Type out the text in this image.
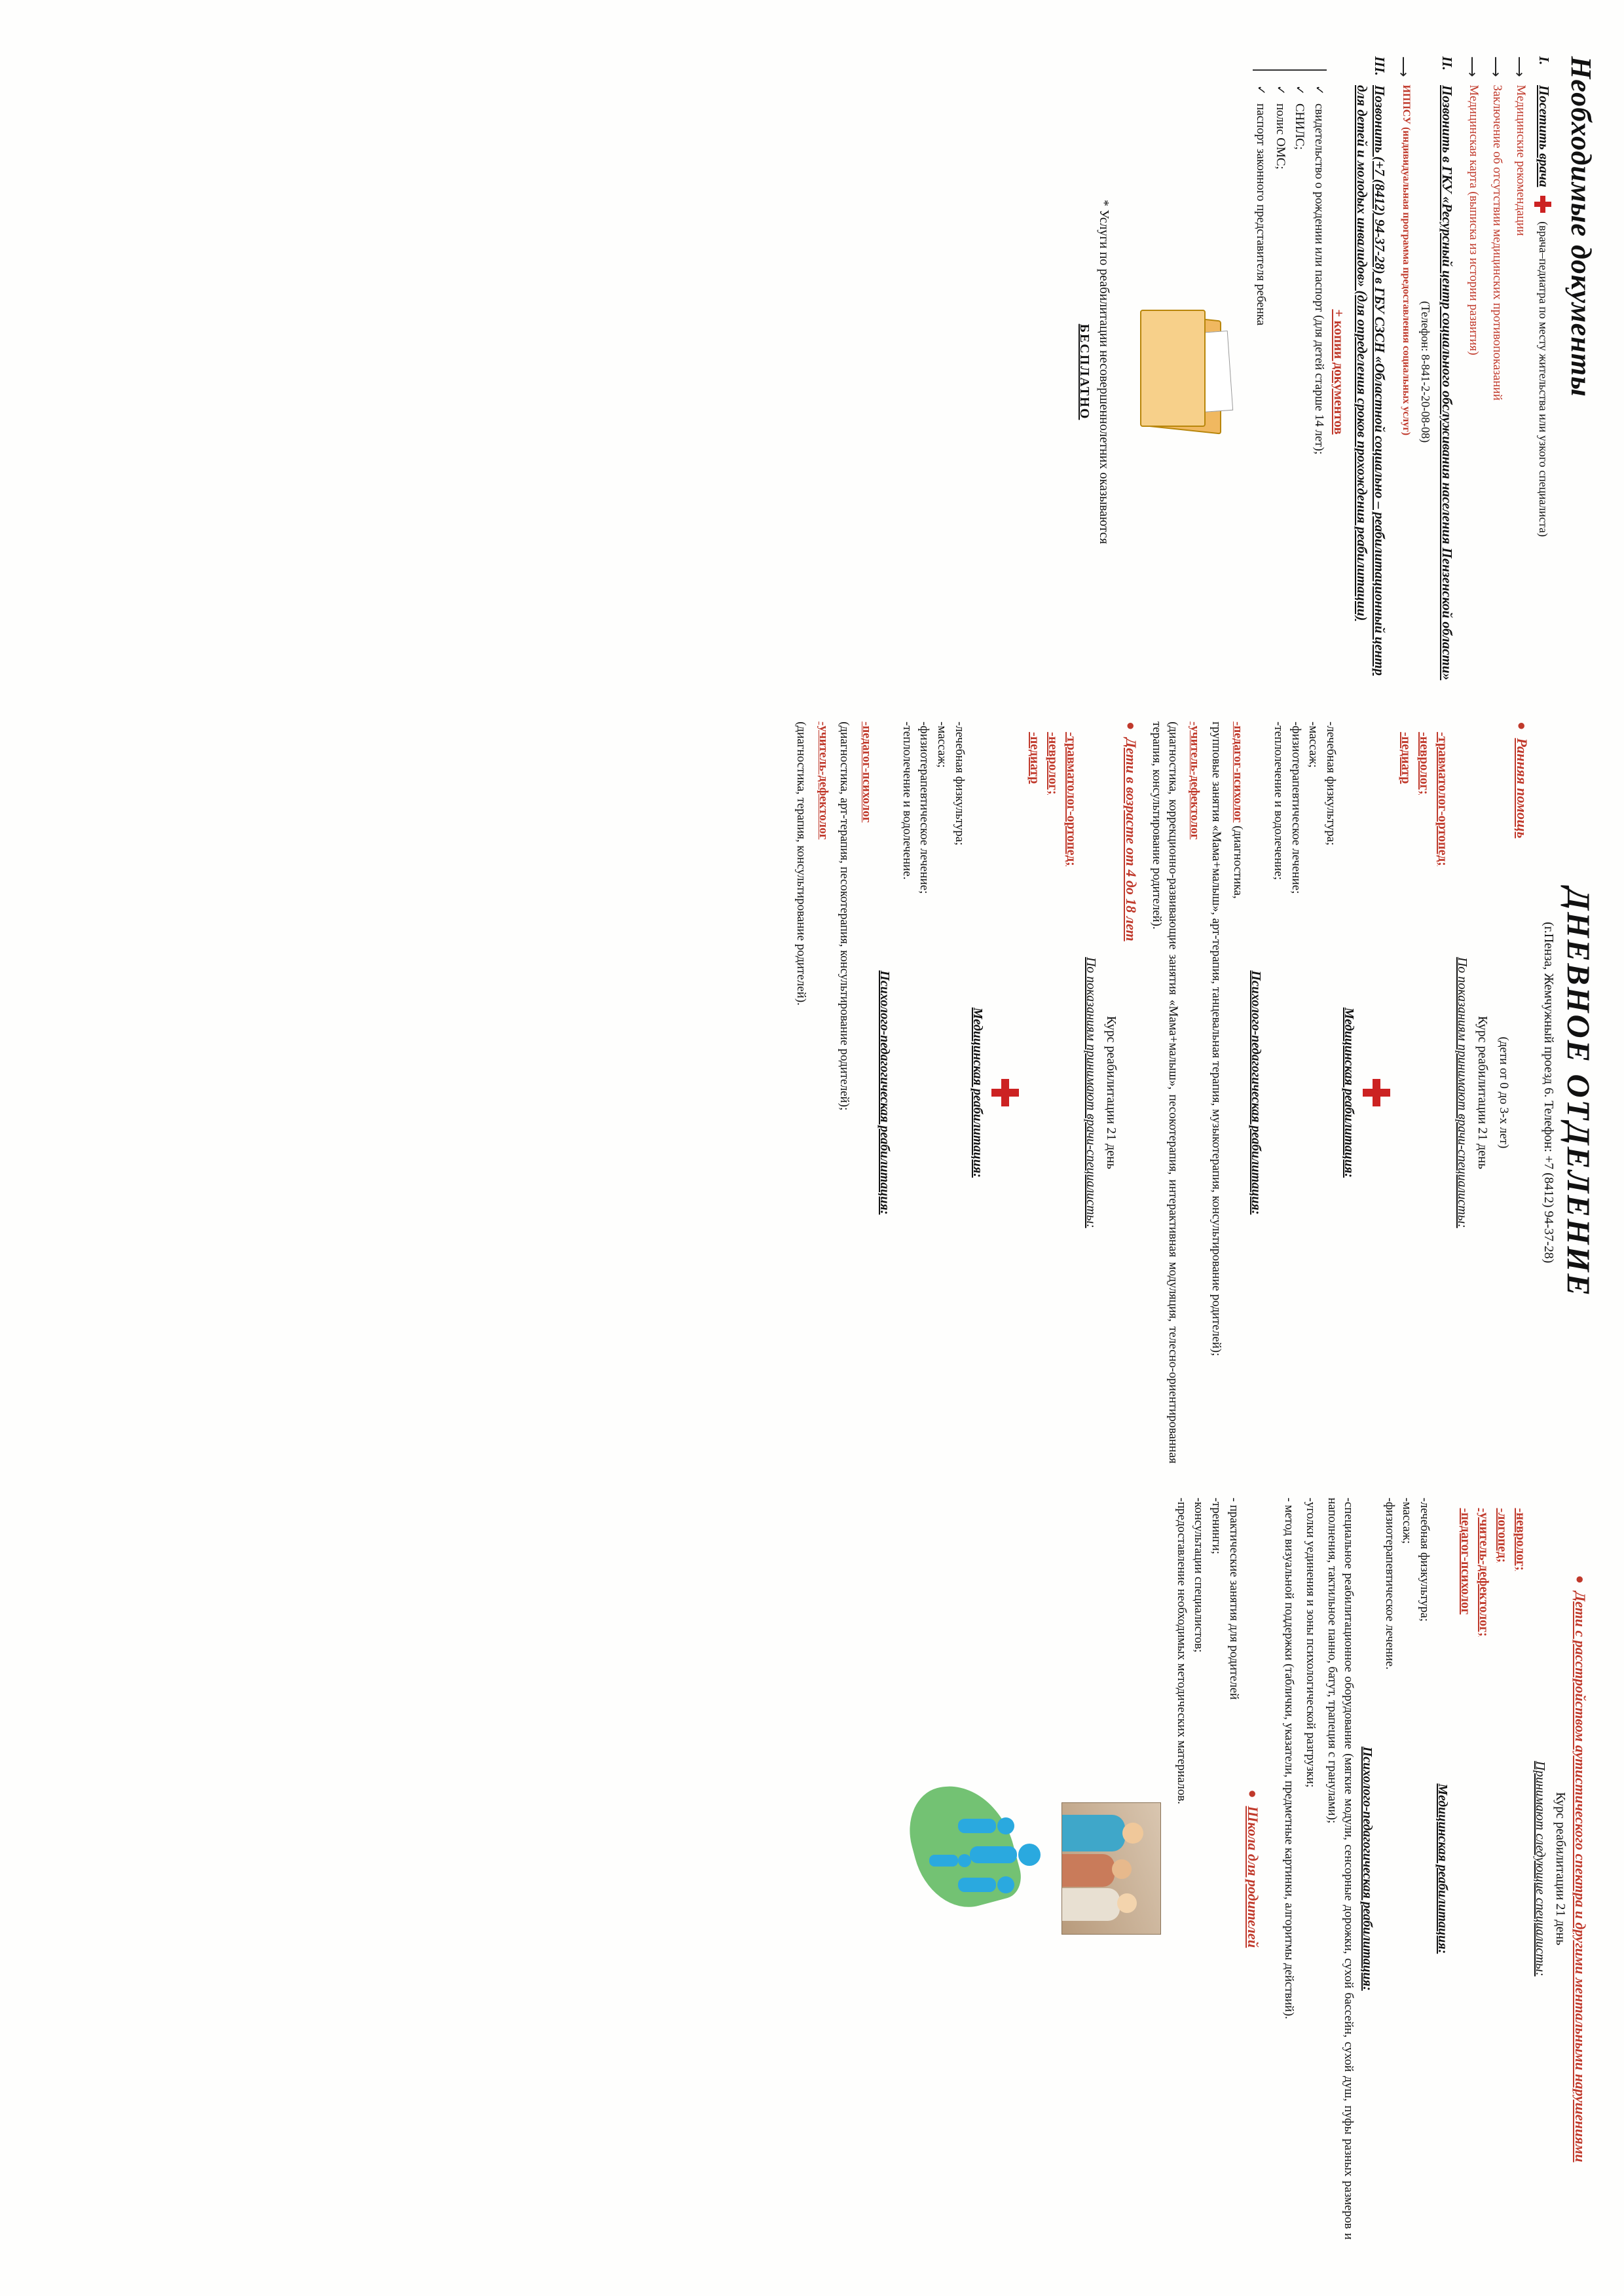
Необходимые документы
I.
Посетить врача  (врача–педиатра по месту жительства или узкого специалиста)
⟶
Медицинские рекомендации
⟶
Заключение об отсутствии медицинских противопоказаний
⟶
Медицинская карта (выписка из истории развития)
II.
Позвонить в ГКУ «Ресурсный центр социального обслуживания населения Пензенской области»
(Телефон: 8-841-2-20-08-08)
⟶
ИППСУ (индивидуальная программа предоставления социальных услуг)
III.
Позвонить (+7 (8412) 94-37-28) в ГБУ СЗСН «Областной социально – реабилитационный центр для детей и молодых инвалидов» (для определения сроков прохождения реабилитации)
+ копии документов
✓ свидетельство о рождении или паспорт (для детей старше 14 лет);
✓ СНИЛС;
✓ полис ОМС;
✓ паспорт законного представителя ребенка
* Услуги по реабилитации несовершеннолетних оказываются
БЕСПЛАТНО
ДНЕВНОЕ ОТДЕЛЕНИЕ
(г.Пенза, Жемчужный проезд 6. Телефон: +7 (8412) 94-37-28)
●
Ранняя помощь
(дети от 0 до 3-х лет)
Курс реабилитации 21 день
По показаниям принимают врачи-специалисты:
-травматолог-ортопед;
-невролог;
-педиатр
Медицинская реабилитация:
-лечебная физкультура;
-массаж;
-физиотерапевтическое лечение;
-теплолечение и водолечение;
Психолого-педагогическая реабилитация:
-педагог-психолог (диагностика,
групповые занятия «Мама+малыш», арт-терапия, танцевальная терапия, музыкотерапия, консультирование родителей);
-учитель-дефектолог
(диагностика, коррекционно-развивающие занятия «Мама+малыш», песокотерапия, интерактивная модуляция, телесно-ориентированная терапия, консультирование родителей).
●
Дети в возрасте от 4 до 18 лет
Курс реабилитации 21 день
По показаниям принимают врачи-специалисты:
-травматолог-ортопед;
-невролог;
-педиатр
Медицинская реабилитация:
-лечебная физкультура;
-массаж;
-физиотерапевтическое лечение;
-теплолечение и водолечение.
Психолого-педагогическая реабилитация:
-педагог-психолог
(диагностика, арт-терапия, песокотерапия, консультирование родителей);
-учитель-дефектолог
(диагностика, терапия, консультирование родителей).
●
Дети с расстройством аутистического спектра и другими ментальными нарушениями
Курс реабилитации 21 день
Принимают следующие специалисты:
-невролог;
-логопед;
-учитель-дефектолог;
-педагог-психолог
Медицинская реабилитация:
-лечебная физкультура;
-массаж;
-физиотерапевтическое лечение.
Психолого-педагогическая реабилитация:
-специальное реабилитационное оборудование (мягкие модули, сенсорные дорожки, сухой бассейн, сухой душ, пуфы разных размеров и наполнения, тактильное панно, батут, трапеция с гранулами);
-уголки уединения и зоны психологической разгрузки;
- метод визуальной поддержки (таблички, указатели, предметные картинки, алгоритмы действий).
●
Школа для родителей
- практические занятия для родителей
-тренинги;
-консультации специалистов;
-предоставление необходимых методических материалов.
